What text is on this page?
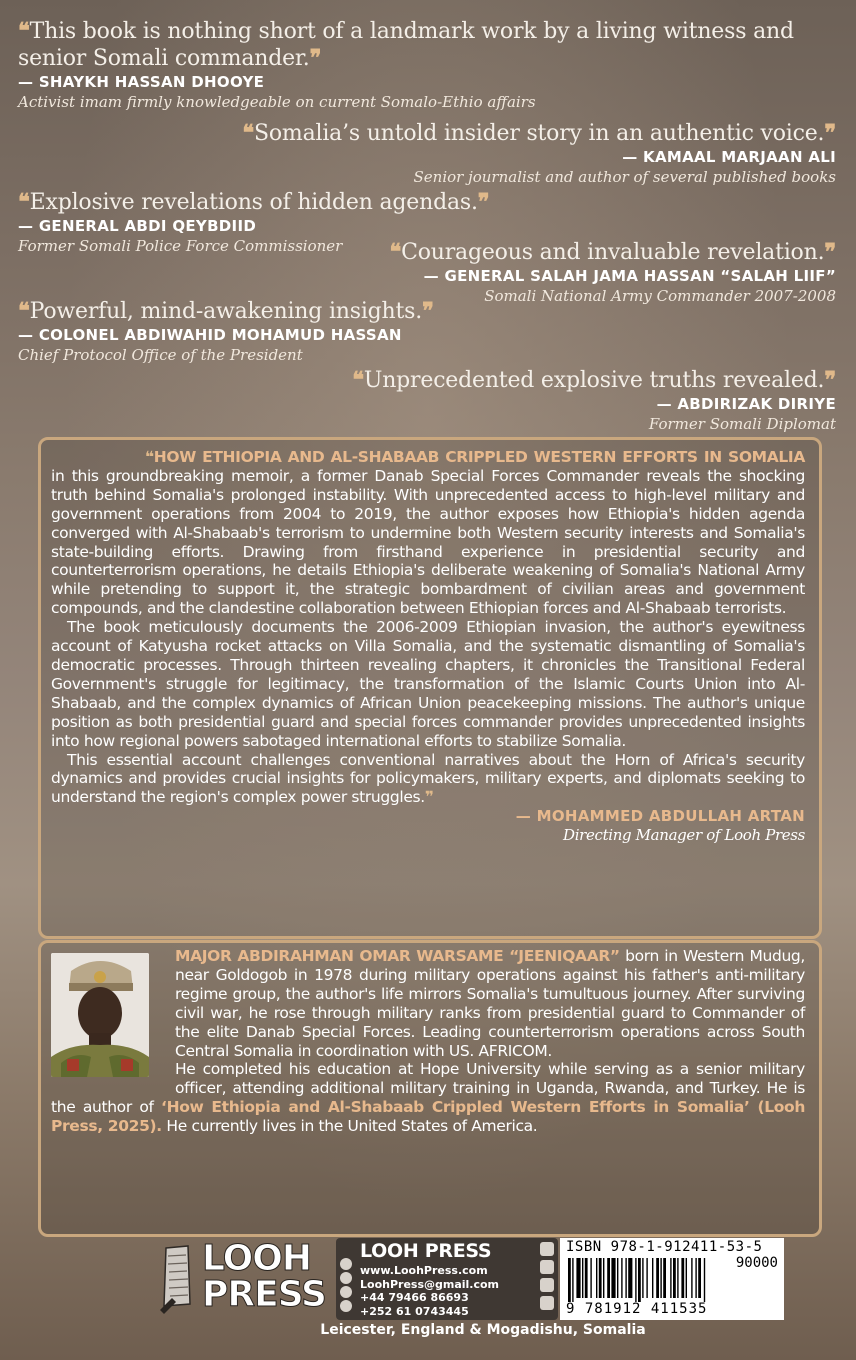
❝This book is nothing short of a landmark work by a living witness and senior Somali commander.❞
— SHAYKH HASSAN DHOOYE
Activist imam firmly knowledgeable on current Somalo-Ethio affairs
❝Somalia’s untold insider story in an authentic voice.❞
— KAMAAL MARJAAN ALI
Senior journalist and author of several published books
❝Explosive revelations of hidden agendas.❞
— GENERAL ABDI QEYBDIID
Former Somali Police Force Commissioner	❝Courageous and invaluable revelation.❞
— GENERAL SALAH JAMA HASSAN “SALAH LIIF”
Somali National Army Commander 2007-2008
❝Powerful, mind-awakening insights.❞
— COLONEL ABDIWAHID MOHAMUD HASSAN
Chief Protocol Office of the President
❝Unprecedented explosive truths revealed.❞
— ABDIRIZAK DIRIYE
Former Somali Diplomat

❝HOW ETHIOPIA AND AL-SHABAAB CRIPPLED WESTERN EFFORTS IN SOMALIA in this groundbreaking memoir, a former Danab Special Forces Commander reveals the shocking truth behind Somalia's prolonged instability. With unprecedented access to high-level military and government operations from 2004 to 2019, the author exposes how Ethiopia's hidden agenda converged with Al-Shabaab's terrorism to undermine both Western security interests and Somalia's state-building efforts. Drawing from firsthand experience in presidential security and counterterrorism operations, he details Ethiopia's deliberate weakening of Somalia's National Army while pretending to support it, the strategic bombardment of civilian areas and government compounds, and the clandestine collaboration between Ethiopian forces and Al-Shabaab terrorists.

The book meticulously documents the 2006-2009 Ethiopian invasion, the author's eyewitness account of Katyusha rocket attacks on Villa Somalia, and the systematic dismantling of Somalia's democratic processes. Through thirteen revealing chapters, it chronicles the Transitional Federal Government's struggle for legitimacy, the transformation of the Islamic Courts Union into Al-Shabaab, and the complex dynamics of African Union peacekeeping missions. The author's unique position as both presidential guard and special forces commander provides unprecedented insights into how regional powers sabotaged international efforts to stabilize Somalia.

This essential account challenges conventional narratives about the Horn of Africa's security dynamics and provides crucial insights for policymakers, military experts, and diplomats seeking to understand the region's complex power struggles.❞

— MOHAMMED ABDULLAH ARTAN
Directing Manager of Looh Press
MAJOR ABDIRAHMAN OMAR WARSAME “JEENIQAAR” born in Western Mudug, near Goldogob in 1978 during military operations against his father's anti-military regime group, the author's life mirrors Somalia's tumultuous journey. After surviving civil war, he rose through military ranks from presidential guard to Commander of the elite Danab Special Forces. Leading counterterrorism operations across South Central Somalia in coordination with US. AFRICOM.
He completed his education at Hope University while serving as a senior military officer, attending additional military training in Uganda, Rwanda, and Turkey. He is the author of ‘How Ethiopia and Al-Shabaab Crippled Western Efforts in Somalia’ (Looh Press, 2025). He currently lives in the United States of America.
LOOH
PRESS
LOOH PRESS
www.LoohPress.com
LoohPress@gmail.com
+44 79466 86693
+252 61 0743445
ISBN 978-1-912411-53-5
90000
9 781912 411535
Leicester, England & Mogadishu, Somalia
